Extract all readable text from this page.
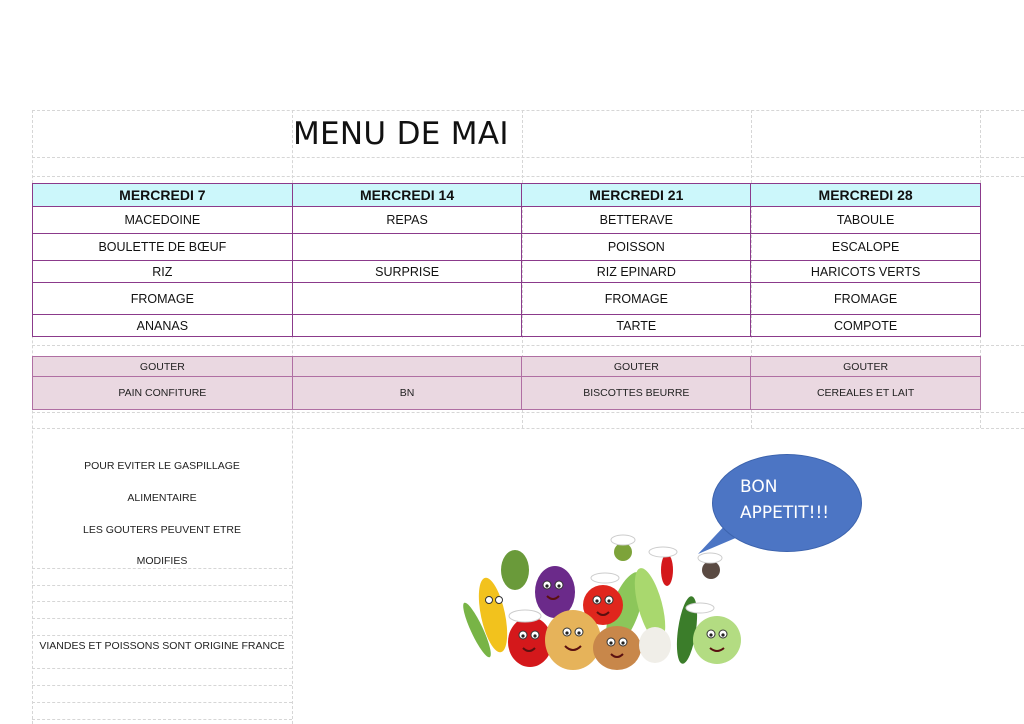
MENU DE MAI
MERCREDI 7	MERCREDI 14	MERCREDI 21	MERCREDI 28
MACEDOINE	REPAS	BETTERAVE	TABOULE
BOULETTE DE BŒUF		POISSON	ESCALOPE
RIZ	SURPRISE	RIZ EPINARD	HARICOTS VERTS
FROMAGE		FROMAGE	FROMAGE
ANANAS		TARTE	COMPOTE
GOUTER		GOUTER	GOUTER
PAIN CONFITURE	BN	BISCOTTES BEURRE	CEREALES ET LAIT
POUR EVITER LE GASPILLAGE
ALIMENTAIRE
LES GOUTERS PEUVENT ETRE
MODIFIES
VIANDES ET POISSONS SONT ORIGINE FRANCE
BON
APPETIT!!!
